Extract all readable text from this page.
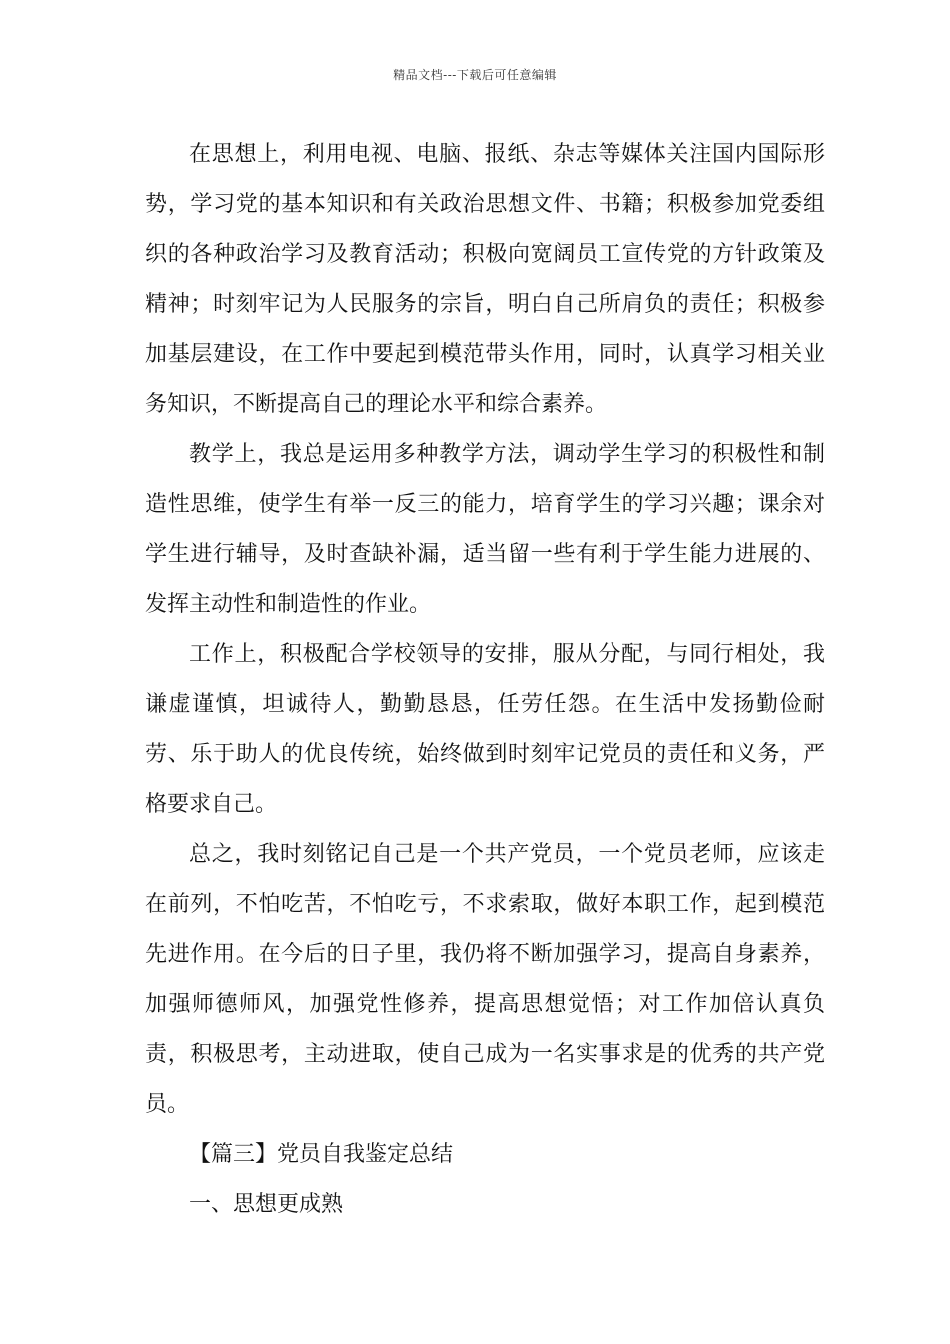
精品文档---下载后可任意编辑

在思想上，利用电视、电脑、报纸、杂志等媒体关注国内国际形势，学习党的基本知识和有关政治思想文件、书籍；积极参加党委组织的各种政治学习及教育活动；积极向宽阔员工宣传党的方针政策及精神；时刻牢记为人民服务的宗旨，明白自己所肩负的责任；积极参加基层建设，在工作中要起到模范带头作用，同时，认真学习相关业务知识，不断提高自己的理论水平和综合素养。

教学上，我总是运用多种教学方法，调动学生学习的积极性和制造性思维，使学生有举一反三的能力，培育学生的学习兴趣；课余对学生进行辅导，及时查缺补漏，适当留一些有利于学生能力进展的、发挥主动性和制造性的作业。

工作上，积极配合学校领导的安排，服从分配，与同行相处，我谦虚谨慎，坦诚待人，勤勤恳恳，任劳任怨。在生活中发扬勤俭耐劳、乐于助人的优良传统，始终做到时刻牢记党员的责任和义务，严格要求自己。

总之，我时刻铭记自己是一个共产党员，一个党员老师，应该走在前列，不怕吃苦，不怕吃亏，不求索取，做好本职工作，起到模范先进作用。在今后的日子里，我仍将不断加强学习，提高自身素养，加强师德师风，加强党性修养，提高思想觉悟；对工作加倍认真负责，积极思考，主动进取，使自己成为一名实事求是的优秀的共产党员。

【篇三】党员自我鉴定总结

一、思想更成熟
